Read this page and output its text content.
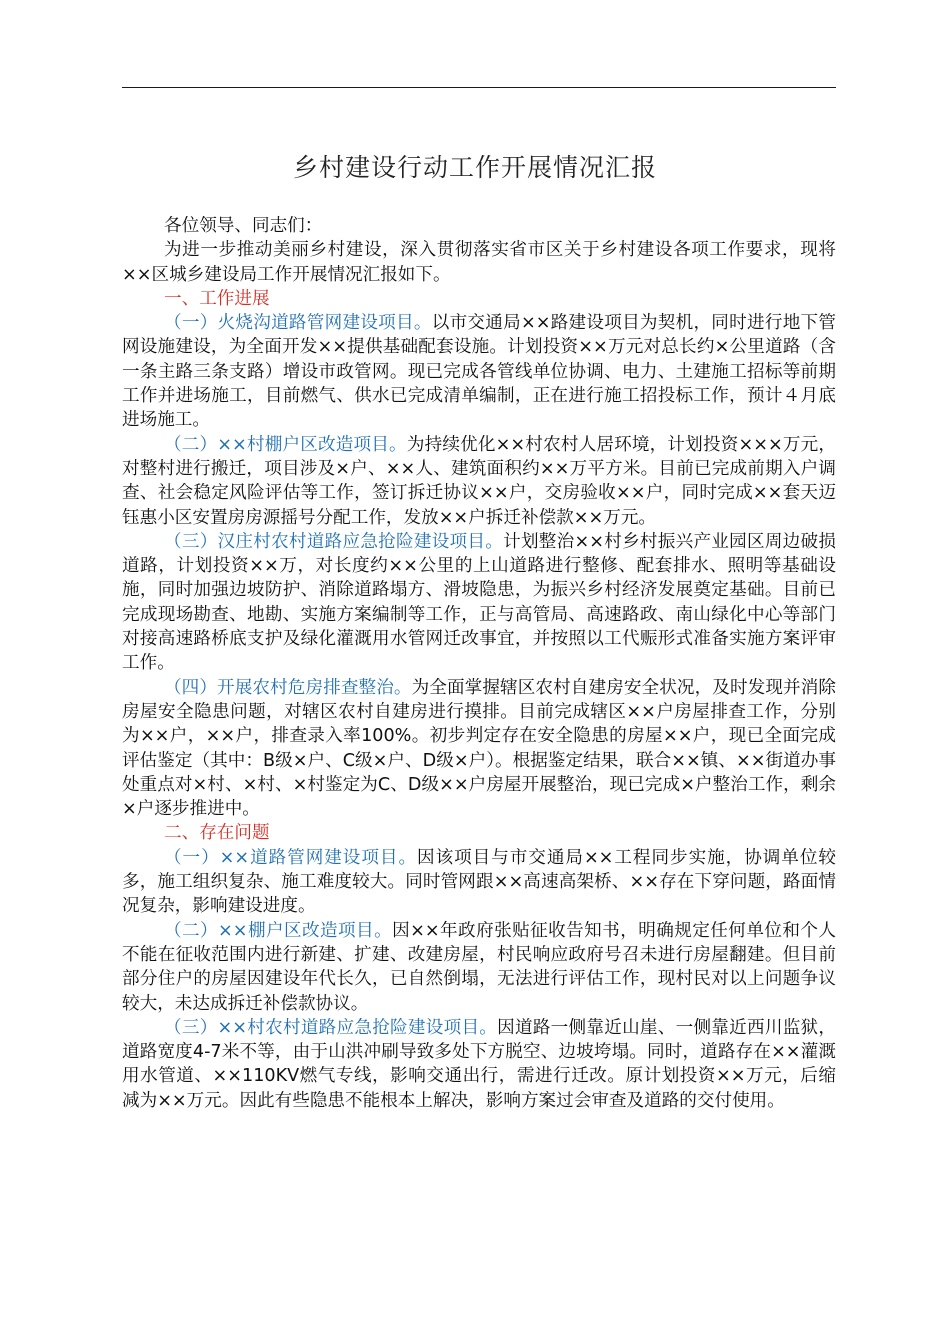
乡村建设行动工作开展情况汇报

各位领导、同志们：

为进一步推动美丽乡村建设，深入贯彻落实省市区关于乡村建设各项工作要求，现将××区城乡建设局工作开展情况汇报如下。

一、工作进展

（一）火烧沟道路管网建设项目。以市交通局××路建设项目为契机，同时进行地下管网设施建设，为全面开发××提供基础配套设施。计划投资××万元对总长约×公里道路（含一条主路三条支路）增设市政管网。现已完成各管线单位协调、电力、土建施工招标等前期工作并进场施工，目前燃气、供水已完成清单编制，正在进行施工招投标工作，预计４月底进场施工。

（二）××村棚户区改造项目。为持续优化××村农村人居环境，计划投资×××万元，对整村进行搬迁，项目涉及×户、××人、建筑面积约××万平方米。目前已完成前期入户调查、社会稳定风险评估等工作，签订拆迁协议××户，交房验收××户，同时完成××套天迈钰惠小区安置房房源摇号分配工作，发放××户拆迁补偿款××万元。

（三）汉庄村农村道路应急抢险建设项目。计划整治××村乡村振兴产业园区周边破损道路，计划投资××万，对长度约××公里的上山道路进行整修、配套排水、照明等基础设施，同时加强边坡防护、消除道路塌方、滑坡隐患，为振兴乡村经济发展奠定基础。目前已完成现场勘查、地勘、实施方案编制等工作，正与高管局、高速路政、南山绿化中心等部门对接高速路桥底支护及绿化灌溉用水管网迁改事宜，并按照以工代赈形式准备实施方案评审工作。

（四）开展农村危房排查整治。为全面掌握辖区农村自建房安全状况，及时发现并消除房屋安全隐患问题，对辖区农村自建房进行摸排。目前完成辖区××户房屋排查工作，分别为××户，××户，排查录入率100%。初步判定存在安全隐患的房屋××户，现已全面完成评估鉴定（其中：B级×户、C级×户、D级×户）。根据鉴定结果，联合××镇、××街道办事处重点对×村、×村、×村鉴定为C、D级××户房屋开展整治，现已完成×户整治工作，剩余×户逐步推进中。

二、存在问题

（一）××道路管网建设项目。因该项目与市交通局××工程同步实施，协调单位较多，施工组织复杂、施工难度较大。同时管网跟××高速高架桥、××存在下穿问题，路面情况复杂，影响建设进度。

（二）××棚户区改造项目。因××年政府张贴征收告知书，明确规定任何单位和个人不能在征收范围内进行新建、扩建、改建房屋，村民响应政府号召未进行房屋翻建。但目前部分住户的房屋因建设年代长久，已自然倒塌，无法进行评估工作，现村民对以上问题争议较大，未达成拆迁补偿款协议。

（三）××村农村道路应急抢险建设项目。因道路一侧靠近山崖、一侧靠近西川监狱，道路宽度4-7米不等，由于山洪冲刷导致多处下方脱空、边坡垮塌。同时，道路存在××灌溉用水管道、××110KV燃气专线，影响交通出行，需进行迁改。原计划投资××万元，后缩减为××万元。因此有些隐患不能根本上解决，影响方案过会审查及道路的交付使用。
